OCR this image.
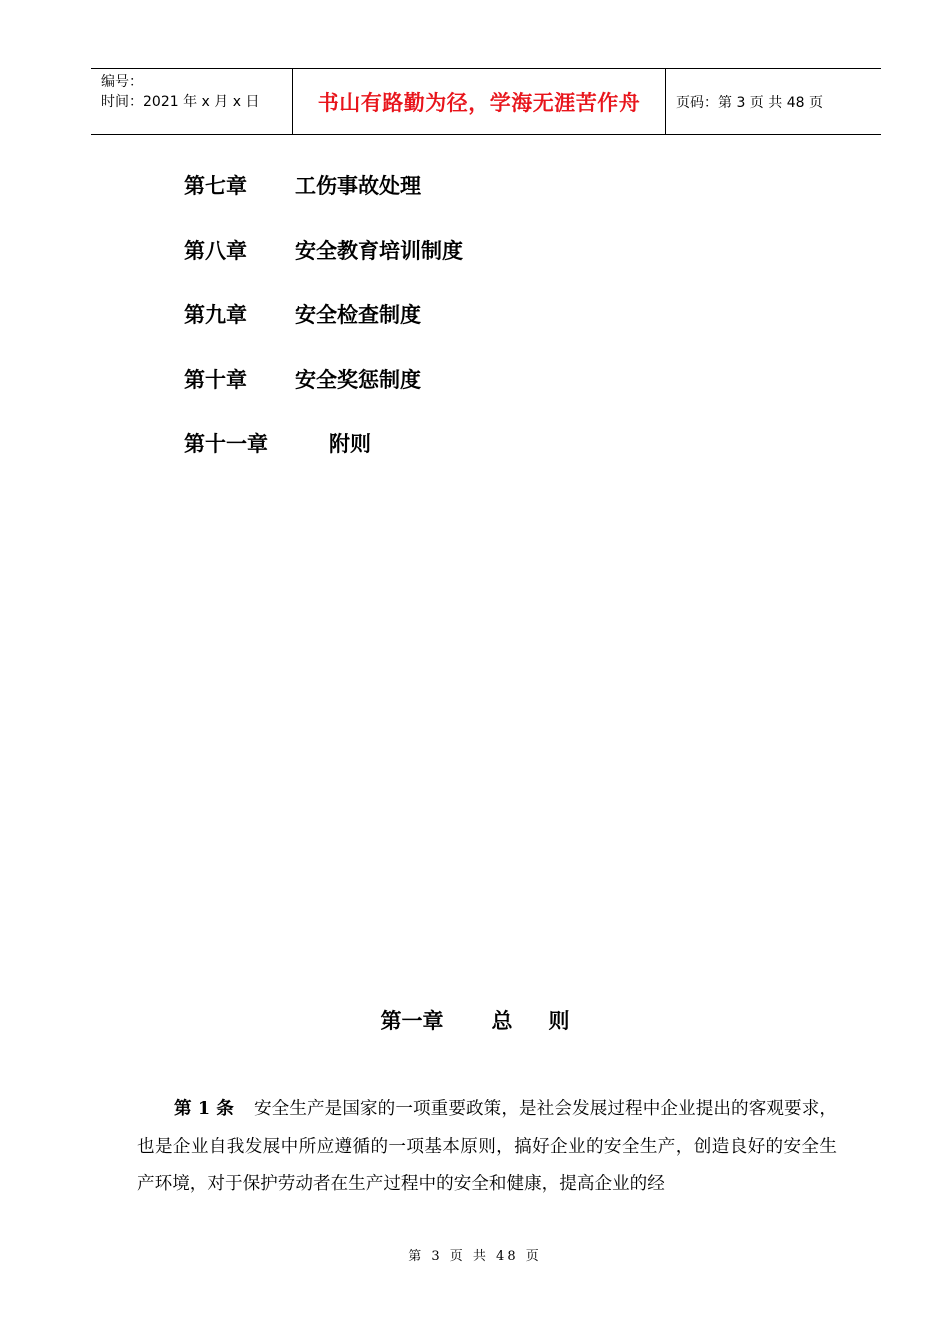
编号：
时间：2021 年 x 月 x 日	书山有路勤为径，学海无涯苦作舟	页码：第 3 页 共 48 页
第七章	工伤事故处理
第八章	安全教育培训制度
第九章	安全检查制度
第十章	安全奖惩制度
第十一章	附则
第一章 总 则
第 1 条 安全生产是国家的一项重要政策，是社会发展过程中企业提出的客观要求，也是企业自我发展中所应遵循的一项基本原则，搞好企业的安全生产，创造良好的安全生产环境，对于保护劳动者在生产过程中的安全和健康，提高企业的经
第 3 页 共 48 页
